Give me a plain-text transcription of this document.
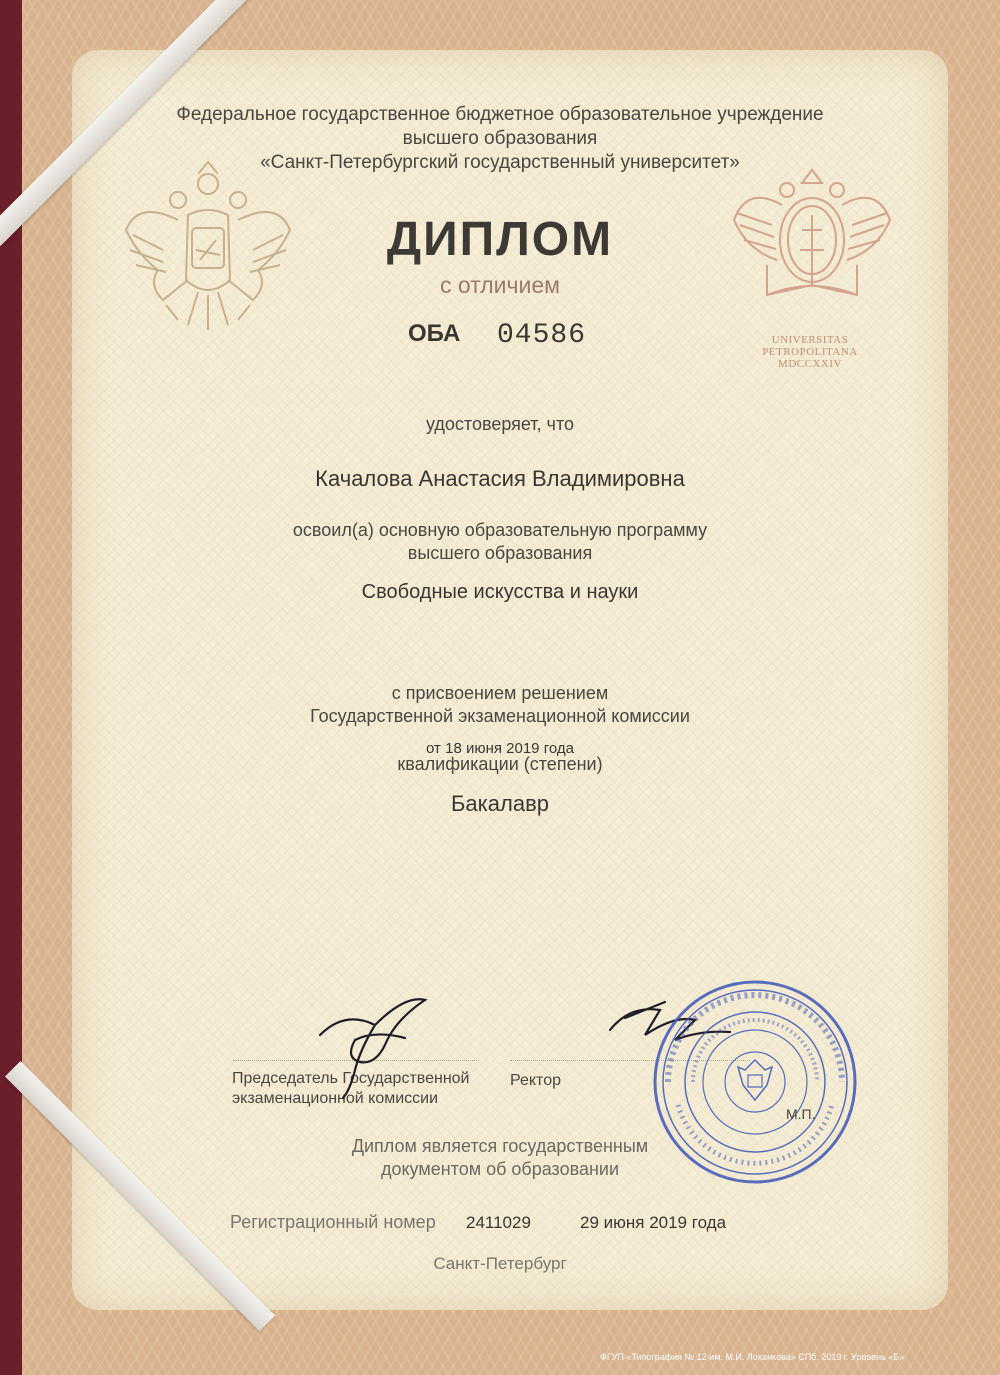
Федеральное государственное бюджетное образовательное учреждение
высшего образования
«Санкт-Петербургский государственный университет»
UNIVERSITAS
PETROPOLITANA
MDCCXXIV
ДИПЛОМ
с отличием
ОБА 04586
удостоверяет, что
Качалова Анастасия Владимировна
освоил(а) основную образовательную программу
высшего образования
Свободные искусства и науки
с присвоением решением
Государственной экзаменационной комиссии
от 18 июня 2019 года
квалификации (степени)
Бакалавр
Председатель Государственной
экзаменационной комиссии
Ректор
М.П.
Диплом является государственным
документом об образовании
Регистрационный номер 2411029	29 июня 2019 года
Санкт-Петербург
ФГУП «Типография № 12 им. М.И. Лоханкова» СПб. 2019 г. Уровень «Б»
